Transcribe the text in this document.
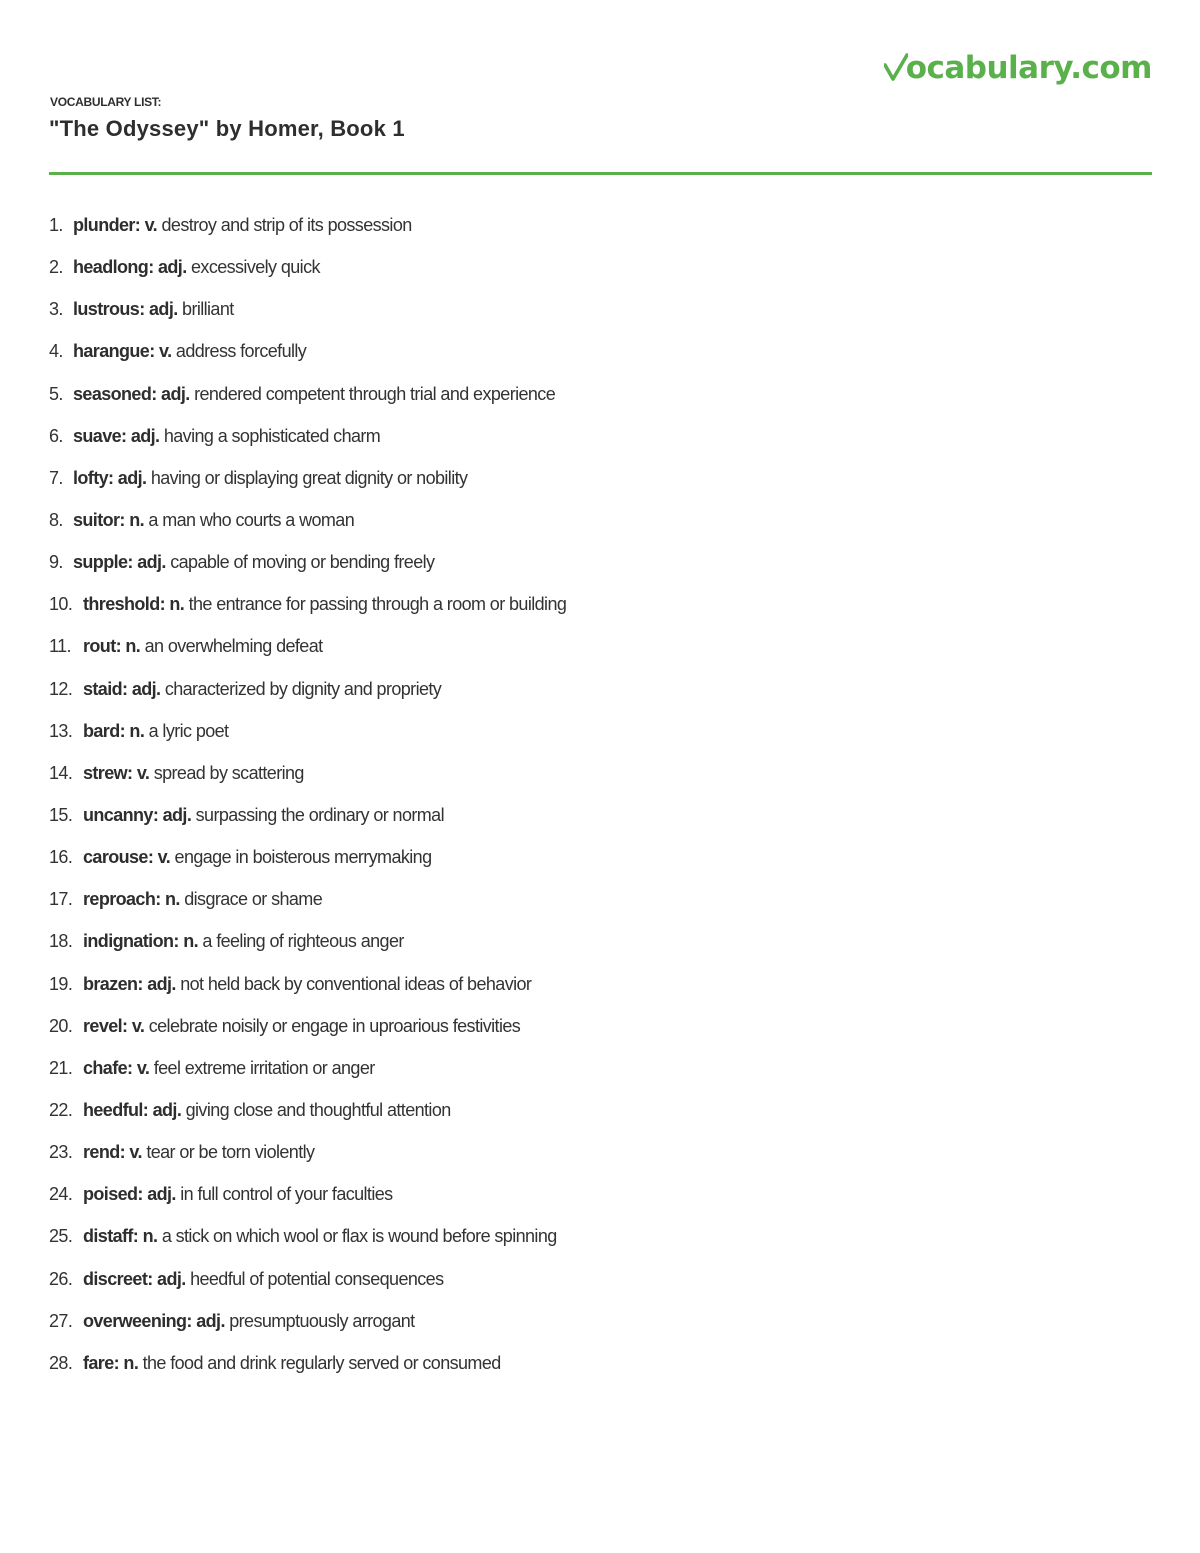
ocabulary.com
VOCABULARY LIST:
"The Odyssey" by Homer, Book 1
1. plunder: v. destroy and strip of its possession
2. headlong: adj. excessively quick
3. lustrous: adj. brilliant
4. harangue: v. address forcefully
5. seasoned: adj. rendered competent through trial and experience
6. suave: adj. having a sophisticated charm
7. lofty: adj. having or displaying great dignity or nobility
8. suitor: n. a man who courts a woman
9. supple: adj. capable of moving or bending freely
10. threshold: n. the entrance for passing through a room or building
11. rout: n. an overwhelming defeat
12. staid: adj. characterized by dignity and propriety
13. bard: n. a lyric poet
14. strew: v. spread by scattering
15. uncanny: adj. surpassing the ordinary or normal
16. carouse: v. engage in boisterous merrymaking
17. reproach: n. disgrace or shame
18. indignation: n. a feeling of righteous anger
19. brazen: adj. not held back by conventional ideas of behavior
20. revel: v. celebrate noisily or engage in uproarious festivities
21. chafe: v. feel extreme irritation or anger
22. heedful: adj. giving close and thoughtful attention
23. rend: v. tear or be torn violently
24. poised: adj. in full control of your faculties
25. distaff: n. a stick on which wool or flax is wound before spinning
26. discreet: adj. heedful of potential consequences
27. overweening: adj. presumptuously arrogant
28. fare: n. the food and drink regularly served or consumed
